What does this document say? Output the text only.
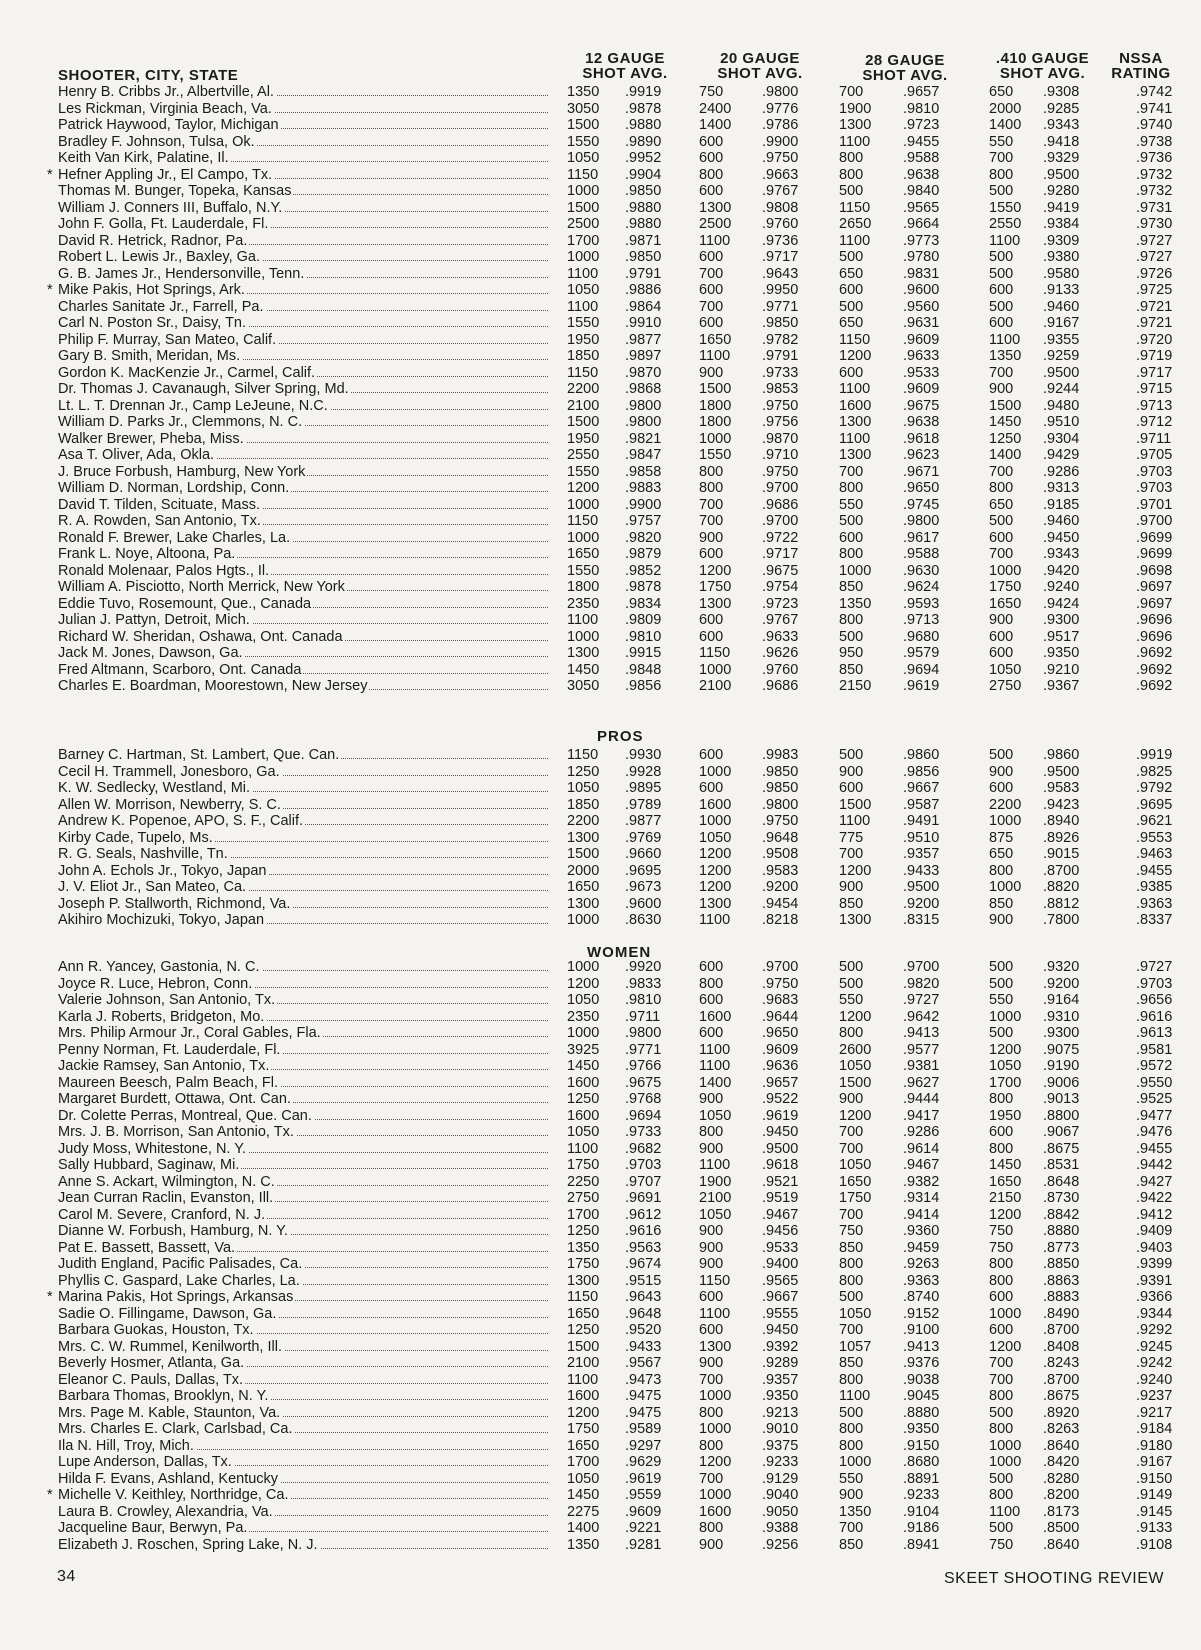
SHOOTER, CITY, STATE
12 GAUGE
SHOT AVG.
20 GAUGE
SHOT AVG.
28 GAUGE
SHOT AVG.
.410 GAUGE
SHOT AVG.
NSSA
RATING
Henry B. Cribbs Jr., Albertville, Al.	1350 .9919	750	.9800	700	.9657	650 .9308	.9742
Les Rickman, Virginia Beach, Va.	3050 .9878	2400 .9776	1900 .9810	2000 .9285	.9741
Patrick Haywood, Taylor, Michigan	1500 .9880	1400 .9786	1300 .9723	1400 .9343	.9740
Bradley F. Johnson, Tulsa, Ok.	1550 .9890	600	.9900	1100 .9455	550 .9418	.9738
Keith Van Kirk, Palatine, Il.	1050 .9952	600	.9750	800	.9588	700 .9329	.9736
* Hefner Appling Jr., El Campo, Tx.	1150 .9904	800	.9663	800	.9638	800 .9500	.9732
Thomas M. Bunger, Topeka, Kansas	1000 .9850	600	.9767	500	.9840	500 .9280	.9732
William J. Conners III, Buffalo, N.Y.	1500 .9880	1300 .9808	1150 .9565	1550 .9419	.9731
John F. Golla, Ft. Lauderdale, Fl.	2500 .9880	2500 .9760	2650 .9664	2550 .9384	.9730
David R. Hetrick, Radnor, Pa.	1700 .9871	1100 .9736	1100 .9773	1100 .9309	.9727
Robert L. Lewis Jr., Baxley, Ga.	1000 .9850	600	.9717	500	.9780	500 .9380	.9727
G. B. James Jr., Hendersonville, Tenn.	1100 .9791	700	.9643	650	.9831	500 .9580	.9726
* Mike Pakis, Hot Springs, Ark.	1050 .9886	600	.9950	600	.9600	600 .9133	.9725
Charles Sanitate Jr., Farrell, Pa.	1100 .9864	700	.9771	500	.9560	500 .9460	.9721
Carl N. Poston Sr., Daisy, Tn.	1550 .9910	600	.9850	650	.9631	600 .9167	.9721
Philip F. Murray, San Mateo, Calif.	1950 .9877	1650 .9782	1150 .9609	1100 .9355	.9720
Gary B. Smith, Meridan, Ms.	1850 .9897	1100 .9791	1200 .9633	1350 .9259	.9719
Gordon K. MacKenzie Jr., Carmel, Calif.	1150 .9870	900	.9733	600	.9533	700 .9500	.9717
Dr. Thomas J. Cavanaugh, Silver Spring, Md.	2200 .9868	1500 .9853	1100 .9609	900 .9244	.9715
Lt. L. T. Drennan Jr., Camp LeJeune, N.C.	2100 .9800	1800 .9750	1600 .9675	1500 .9480	.9713
William D. Parks Jr., Clemmons, N. C.	1500 .9800	1800 .9756	1300 .9638	1450 .9510	.9712
Walker Brewer, Pheba, Miss.	1950 .9821	1000 .9870	1100 .9618	1250 .9304	.9711
Asa T. Oliver, Ada, Okla.	2550 .9847	1550 .9710	1300 .9623	1400 .9429	.9705
J. Bruce Forbush, Hamburg, New York	1550 .9858	800	.9750	700	.9671	700 .9286	.9703
William D. Norman, Lordship, Conn.	1200 .9883	800	.9700	800	.9650	800 .9313	.9703
David T. Tilden, Scituate, Mass.	1000 .9900	700	.9686	550	.9745	650 .9185	.9701
R. A. Rowden, San Antonio, Tx.	1150 .9757	700	.9700	500	.9800	500 .9460	.9700
Ronald F. Brewer, Lake Charles, La.	1000 .9820	900	.9722	600	.9617	600 .9450	.9699
Frank L. Noye, Altoona, Pa.	1650 .9879	600	.9717	800	.9588	700 .9343	.9699
Ronald Molenaar, Palos Hgts., Il.	1550 .9852	1200 .9675	1000 .9630	1000 .9420	.9698
William A. Pisciotto, North Merrick, New York	1800 .9878	1750 .9754	850	.9624	1750 .9240	.9697
Eddie Tuvo, Rosemount, Que., Canada	2350 .9834	1300 .9723	1350 .9593	1650 .9424	.9697
Julian J. Pattyn, Detroit, Mich.	1100 .9809	600	.9767	800	.9713	900 .9300	.9696
Richard W. Sheridan, Oshawa, Ont. Canada	1000 .9810	600	.9633	500	.9680	600 .9517	.9696
Jack M. Jones, Dawson, Ga.	1300 .9915	1150 .9626	950	.9579	600 .9350	.9692
Fred Altmann, Scarboro, Ont. Canada	1450 .9848	1000 .9760	850	.9694	1050 .9210	.9692
Charles E. Boardman, Moorestown, New Jersey	3050 .9856	2100 .9686	2150 .9619	2750 .9367	.9692
PROS
Barney C. Hartman, St. Lambert, Que. Can.	1150 .9930	600	.9983	500	.9860	500 .9860	.9919
Cecil H. Trammell, Jonesboro, Ga.	1250 .9928	1000 .9850	900	.9856	900 .9500	.9825
K. W. Sedlecky, Westland, Mi.	1050 .9895	600	.9850	600	.9667	600 .9583	.9792
Allen W. Morrison, Newberry, S. C.	1850 .9789	1600 .9800	1500 .9587	2200 .9423	.9695
Andrew K. Popenoe, APO, S. F., Calif.	2200 .9877	1000 .9750	1100 .9491	1000 .8940	.9621
Kirby Cade, Tupelo, Ms.	1300 .9769	1050 .9648	775	.9510	875 .8926	.9553
R. G. Seals, Nashville, Tn.	1500 .9660	1200 .9508	700	.9357	650 .9015	.9463
John A. Echols Jr., Tokyo, Japan	2000 .9695	1200 .9583	1200 .9433	800 .8700	.9455
J. V. Eliot Jr., San Mateo, Ca.	1650 .9673	1200 .9200	900	.9500	1000 .8820	.9385
Joseph P. Stallworth, Richmond, Va.	1300 .9600	1300 .9454	850	.9200	850 .8812	.9363
Akihiro Mochizuki, Tokyo, Japan	1000 .8630	1100 .8218	1300 .8315	900 .7800	.8337
WOMEN
Ann R. Yancey, Gastonia, N. C.	1000 .9920	600	.9700	500	.9700	500 .9320	.9727
Joyce R. Luce, Hebron, Conn.	1200 .9833	800	.9750	500	.9820	500 .9200	.9703
Valerie Johnson, San Antonio, Tx.	1050 .9810	600	.9683	550	.9727	550 .9164	.9656
Karla J. Roberts, Bridgeton, Mo.	2350 .9711	1600 .9644	1200 .9642	1000 .9310	.9616
Mrs. Philip Armour Jr., Coral Gables, Fla.	1000 .9800	600	.9650	800	.9413	500 .9300	.9613
Penny Norman, Ft. Lauderdale, Fl.	3925 .9771	1100 .9609	2600 .9577	1200 .9075	.9581
Jackie Ramsey, San Antonio, Tx.	1450 .9766	1100 .9636	1050 .9381	1050 .9190	.9572
Maureen Beesch, Palm Beach, Fl.	1600 .9675	1400 .9657	1500 .9627	1700 .9006	.9550
Margaret Burdett, Ottawa, Ont. Can.	1250 .9768	900	.9522	900	.9444	800 .9013	.9525
Dr. Colette Perras, Montreal, Que. Can.	1600 .9694	1050 .9619	1200 .9417	1950 .8800	.9477
Mrs. J. B. Morrison, San Antonio, Tx.	1050 .9733	800	.9450	700	.9286	600 .9067	.9476
Judy Moss, Whitestone, N. Y.	1100 .9682	900	.9500	700	.9614	800 .8675	.9455
Sally Hubbard, Saginaw, Mi.	1750 .9703	1100 .9618	1050 .9467	1450 .8531	.9442
Anne S. Ackart, Wilmington, N. C.	2250 .9707	1900 .9521	1650 .9382	1650 .8648	.9427
Jean Curran Raclin, Evanston, Ill.	2750 .9691	2100 .9519	1750 .9314	2150 .8730	.9422
Carol M. Severe, Cranford, N. J.	1700 .9612	1050 .9467	700	.9414	1200 .8842	.9412
Dianne W. Forbush, Hamburg, N. Y.	1250 .9616	900	.9456	750	.9360	750 .8880	.9409
Pat E. Bassett, Bassett, Va.	1350 .9563	900	.9533	850	.9459	750 .8773	.9403
Judith England, Pacific Palisades, Ca.	1750 .9674	900	.9400	800	.9263	800 .8850	.9399
Phyllis C. Gaspard, Lake Charles, La.	1300 .9515	1150 .9565	800	.9363	800 .8863	.9391
* Marina Pakis, Hot Springs, Arkansas	1150 .9643	600	.9667	500	.8740	600 .8883	.9366
Sadie O. Fillingame, Dawson, Ga.	1650 .9648	1100 .9555	1050 .9152	1000 .8490	.9344
Barbara Guokas, Houston, Tx.	1250 .9520	600	.9450	700	.9100	600 .8700	.9292
Mrs. C. W. Rummel, Kenilworth, Ill.	1500 .9433	1300 .9392	1057 .9413	1200 .8408	.9245
Beverly Hosmer, Atlanta, Ga.	2100 .9567	900	.9289	850	.9376	700 .8243	.9242
Eleanor C. Pauls, Dallas, Tx.	1100 .9473	700	.9357	800	.9038	700 .8700	.9240
Barbara Thomas, Brooklyn, N. Y.	1600 .9475	1000 .9350	1100 .9045	800 .8675	.9237
Mrs. Page M. Kable, Staunton, Va.	1200 .9475	800	.9213	500	.8880	500 .8920	.9217
Mrs. Charles E. Clark, Carlsbad, Ca.	1750 .9589	1000 .9010	800	.9350	800 .8263	.9184
Ila N. Hill, Troy, Mich.	1650 .9297	800	.9375	800	.9150	1000 .8640	.9180
Lupe Anderson, Dallas, Tx.	1700 .9629	1200 .9233	1000 .8680	1000 .8420	.9167
Hilda F. Evans, Ashland, Kentucky	1050 .9619	700	.9129	550	.8891	500 .8280	.9150
* Michelle V. Keithley, Northridge, Ca.	1450 .9559	1000 .9040	900	.9233	800 .8200	.9149
Laura B. Crowley, Alexandria, Va.	2275 .9609	1600 .9050	1350 .9104	1100 .8173	.9145
Jacqueline Baur, Berwyn, Pa.	1400 .9221	800	.9388	700	.9186	500 .8500	.9133
Elizabeth J. Roschen, Spring Lake, N. J.	1350 .9281	900	.9256	850	.8941	750 .8640	.9108
34	SKEET SHOOTING REVIEW
